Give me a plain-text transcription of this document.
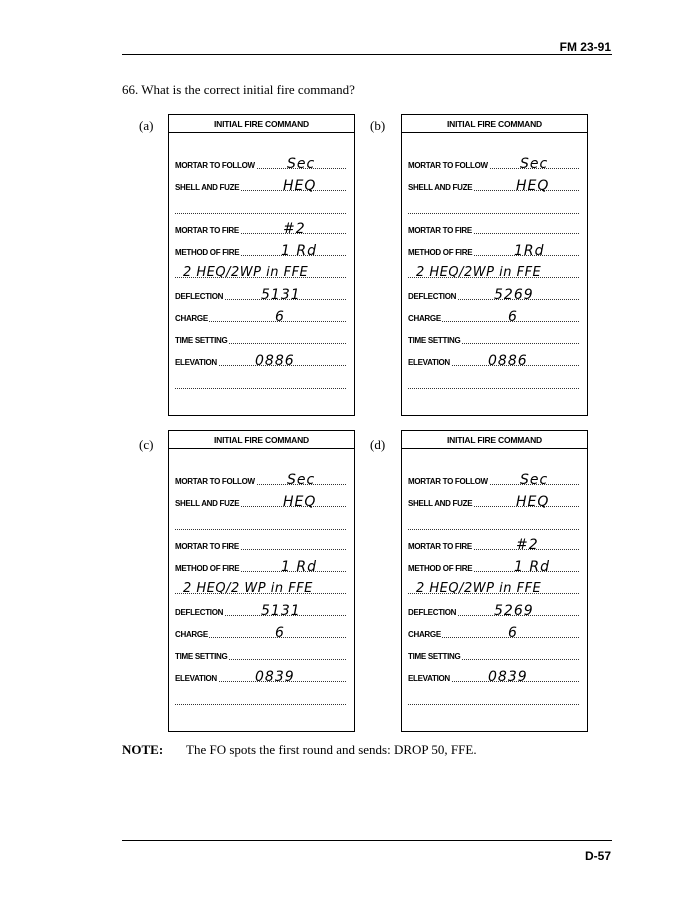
FM 23-91
66. What is the correct initial fire command?
(a)	(b)
(c)	(d)
INITIAL FIRE COMMAND
MORTAR TO FOLLOW Sec
SHELL AND FUZE	HEQ
MORTAR TO FIRE	#2
METHOD OF FIRE	1 Rd
2 HEQ/2WP in FFE
DEFLECTION	5131
CHARGE	6
TIME SETTING
ELEVATION	0886
INITIAL FIRE COMMAND
MORTAR TO FOLLOW Sec
SHELL AND FUZE	HEQ
MORTAR TO FIRE
METHOD OF FIRE	1Rd
2 HEQ/2WP in FFE
DEFLECTION	5269
CHARGE	6
TIME SETTING
ELEVATION	0886
INITIAL FIRE COMMAND
MORTAR TO FOLLOW Sec
SHELL AND FUZE	HEQ
MORTAR TO FIRE
METHOD OF FIRE	1 Rd
2 HEQ/2 WP in FFE
DEFLECTION	5131
CHARGE	6
TIME SETTING
ELEVATION	0839
INITIAL FIRE COMMAND
MORTAR TO FOLLOW Sec
SHELL AND FUZE	HEQ
MORTAR TO FIRE	#2
METHOD OF FIRE	1 Rd
2 HEQ/2WP in FFE
DEFLECTION	5269
CHARGE	6
TIME SETTING
ELEVATION	0839
NOTE: The FO spots the first round and sends: DROP 50, FFE.
D-57
